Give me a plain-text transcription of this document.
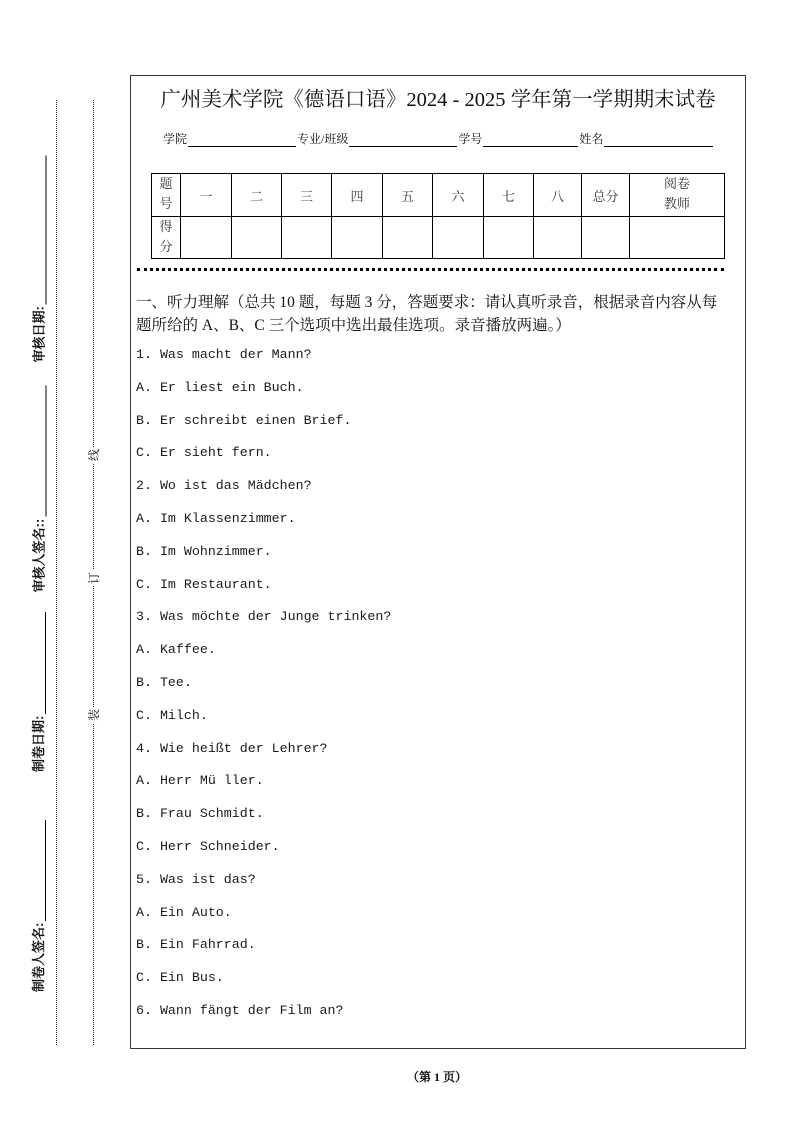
审核日期:
审核人签名::
制卷日期:
制卷人签名:
线
订
装
广州美术学院《德语口语》2024 - 2025 学年第一学期期末试卷
学院	专业/班级	学号	姓名
题号	一	二	三	四	五	六	七	八	总分	阅卷教师
得分										
一、听力理解（总共 10 题，每题 3 分，答题要求：请认真听录音，根据录音内容从每
题所给的 A、B、C 三个选项中选出最佳选项。录音播放两遍。）
1. Was macht der Mann?
A. Er liest ein Buch.
B. Er schreibt einen Brief.
C. Er sieht fern.
2. Wo ist das Mädchen?
A. Im Klassenzimmer.
B. Im Wohnzimmer.
C. Im Restaurant.
3. Was möchte der Junge trinken?
A. Kaffee.
B. Tee.
C. Milch.
4. Wie heißt der Lehrer?
A. Herr Mü ller.
B. Frau Schmidt.
C. Herr Schneider.
5. Was ist das?
A. Ein Auto.
B. Ein Fahrrad.
C. Ein Bus.
6. Wann fängt der Film an?
（第 1 页）
